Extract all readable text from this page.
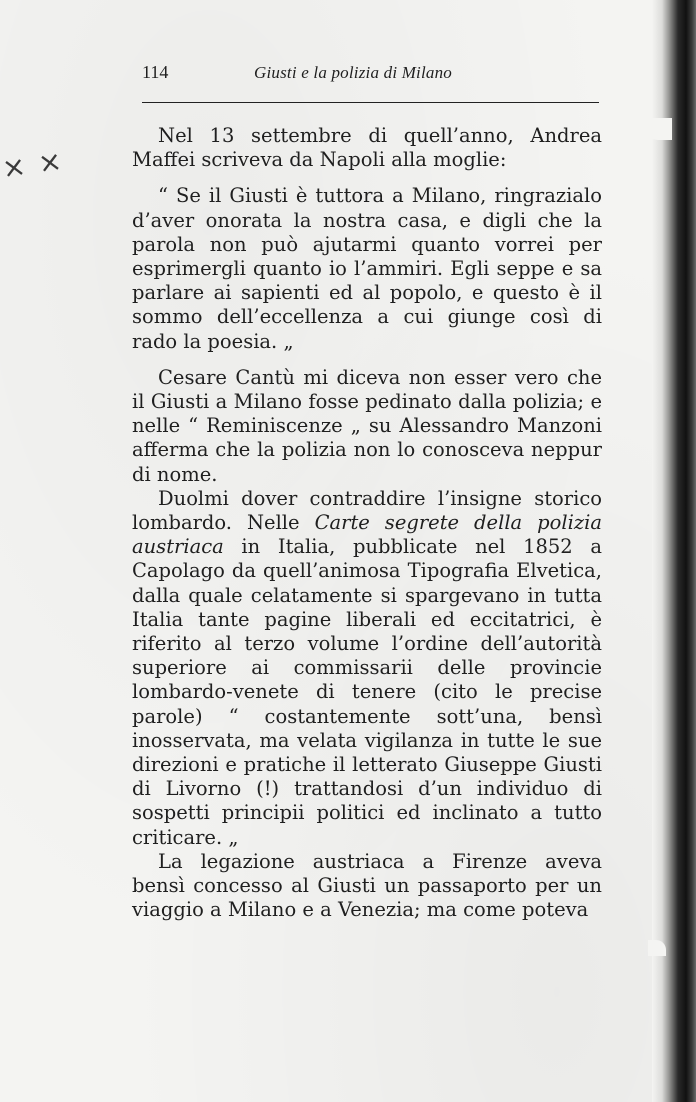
114	Giusti e la polizia di Milano
⨯ ⨯

Nel 13 settembre di quell’anno, Andrea Maffei scriveva da Napoli alla moglie:

“ Se il Giusti è tuttora a Milano, ringrazialo d’aver onorata la nostra casa, e digli che la parola non può ajutarmi quanto vorrei per esprimergli quanto io l’ammiri. Egli seppe e sa parlare ai sapienti ed al popolo, e questo è il sommo dell’eccellenza a cui giunge così di rado la poesia. „

Cesare Cantù mi diceva non esser vero che il Giusti a Milano fosse pedinato dalla polizia; e nelle “ Reminiscenze „ su Alessandro Manzoni afferma che la polizia non lo conosceva neppur di nome.

Duolmi dover contraddire l’insigne storico lombardo. Nelle Carte segrete della polizia austriaca in Italia, pubblicate nel 1852 a Capolago da quell’animosa Tipografia Elvetica, dalla quale celatamente si spargevano in tutta Italia tante pagine liberali ed eccitatrici, è riferito al terzo volume l’ordine dell’autorità superiore ai commissarii delle provincie lombardo-venete di tenere (cito le precise parole) “ costantemente sott’una, bensì inosservata, ma velata vigilanza in tutte le sue direzioni e pratiche il letterato Giuseppe Giusti di Livorno (!) trattandosi d’un individuo di sospetti principii politici ed inclinato a tutto criticare. „

La legazione austriaca a Firenze aveva bensì concesso al Giusti un passaporto per un viaggio a Milano e a Venezia; ma come poteva
